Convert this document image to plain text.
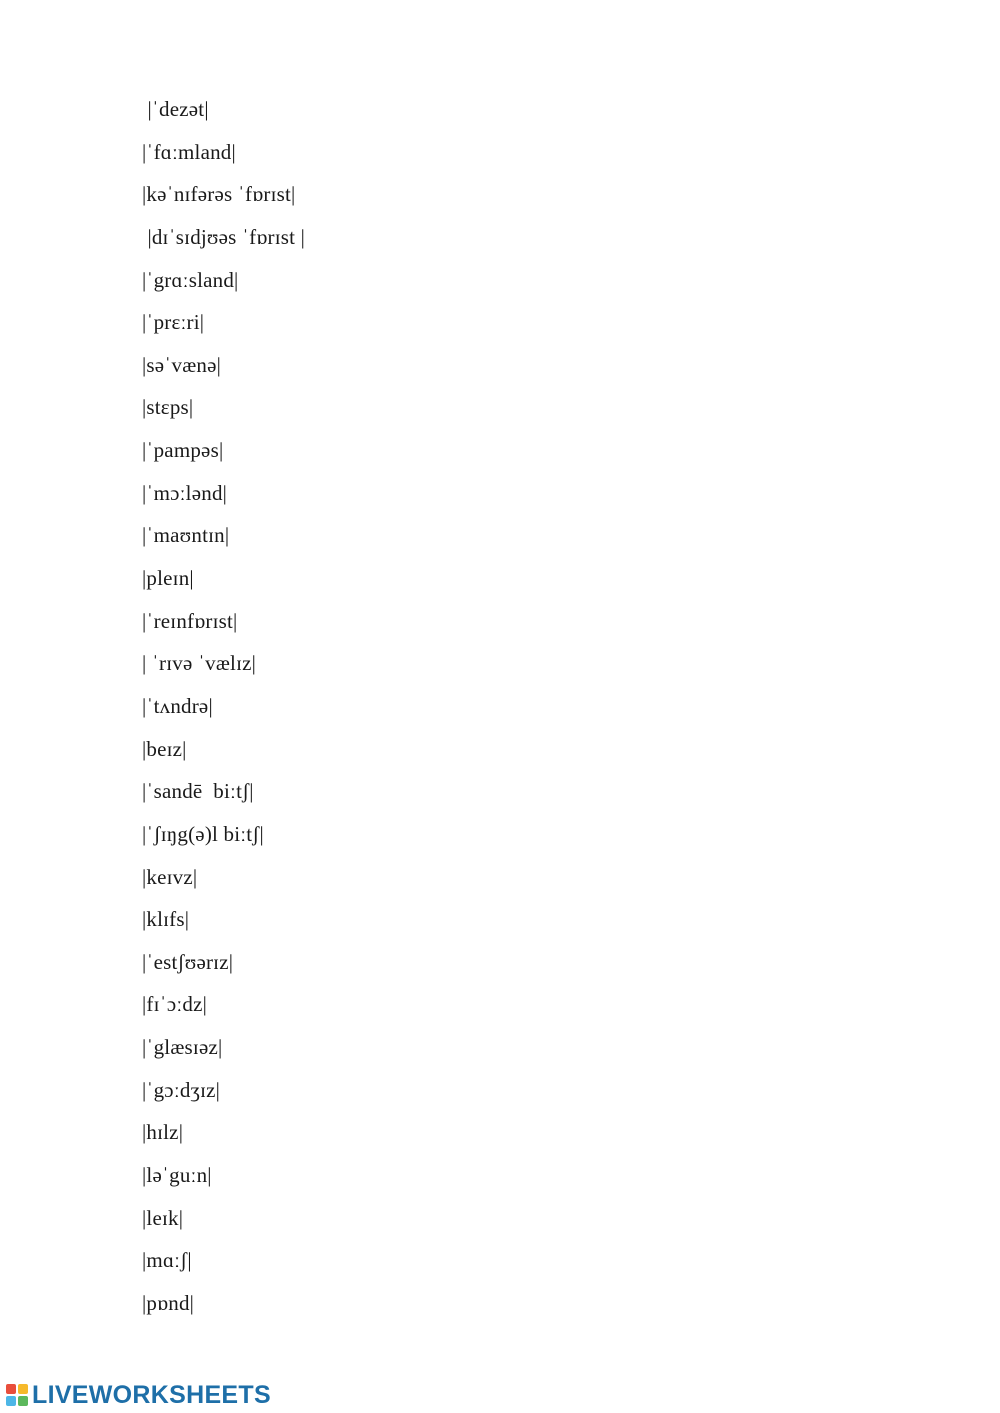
|ˈdezət|
|ˈfɑːmland|
|kəˈnɪfərəs ˈfɒrɪst|
|dɪˈsɪdjʊəs ˈfɒrɪst |
|ˈgrɑːsland|
|ˈprɛːri|
|səˈvænə|
|stɛps|
|ˈpampəs|
|ˈmɔːlənd|
|ˈmaʊntɪn|
|pleɪn|
|ˈreɪnfɒrɪst|
| ˈrɪvə ˈvælɪz|
|ˈtʌndrə|
|beɪz|
|ˈsandē  biːtʃ|
|ˈʃɪŋg(ə)l biːtʃ|
|keɪvz|
|klɪfs|
|ˈestʃʊərɪz|
|fɪˈɔːdz|
|ˈglæsɪəz|
|ˈgɔːdʒɪz|
|hɪlz|
|ləˈguːn|
|leɪk|
|mɑːʃ|
|pɒnd|
LIVEWORKSHEETS
